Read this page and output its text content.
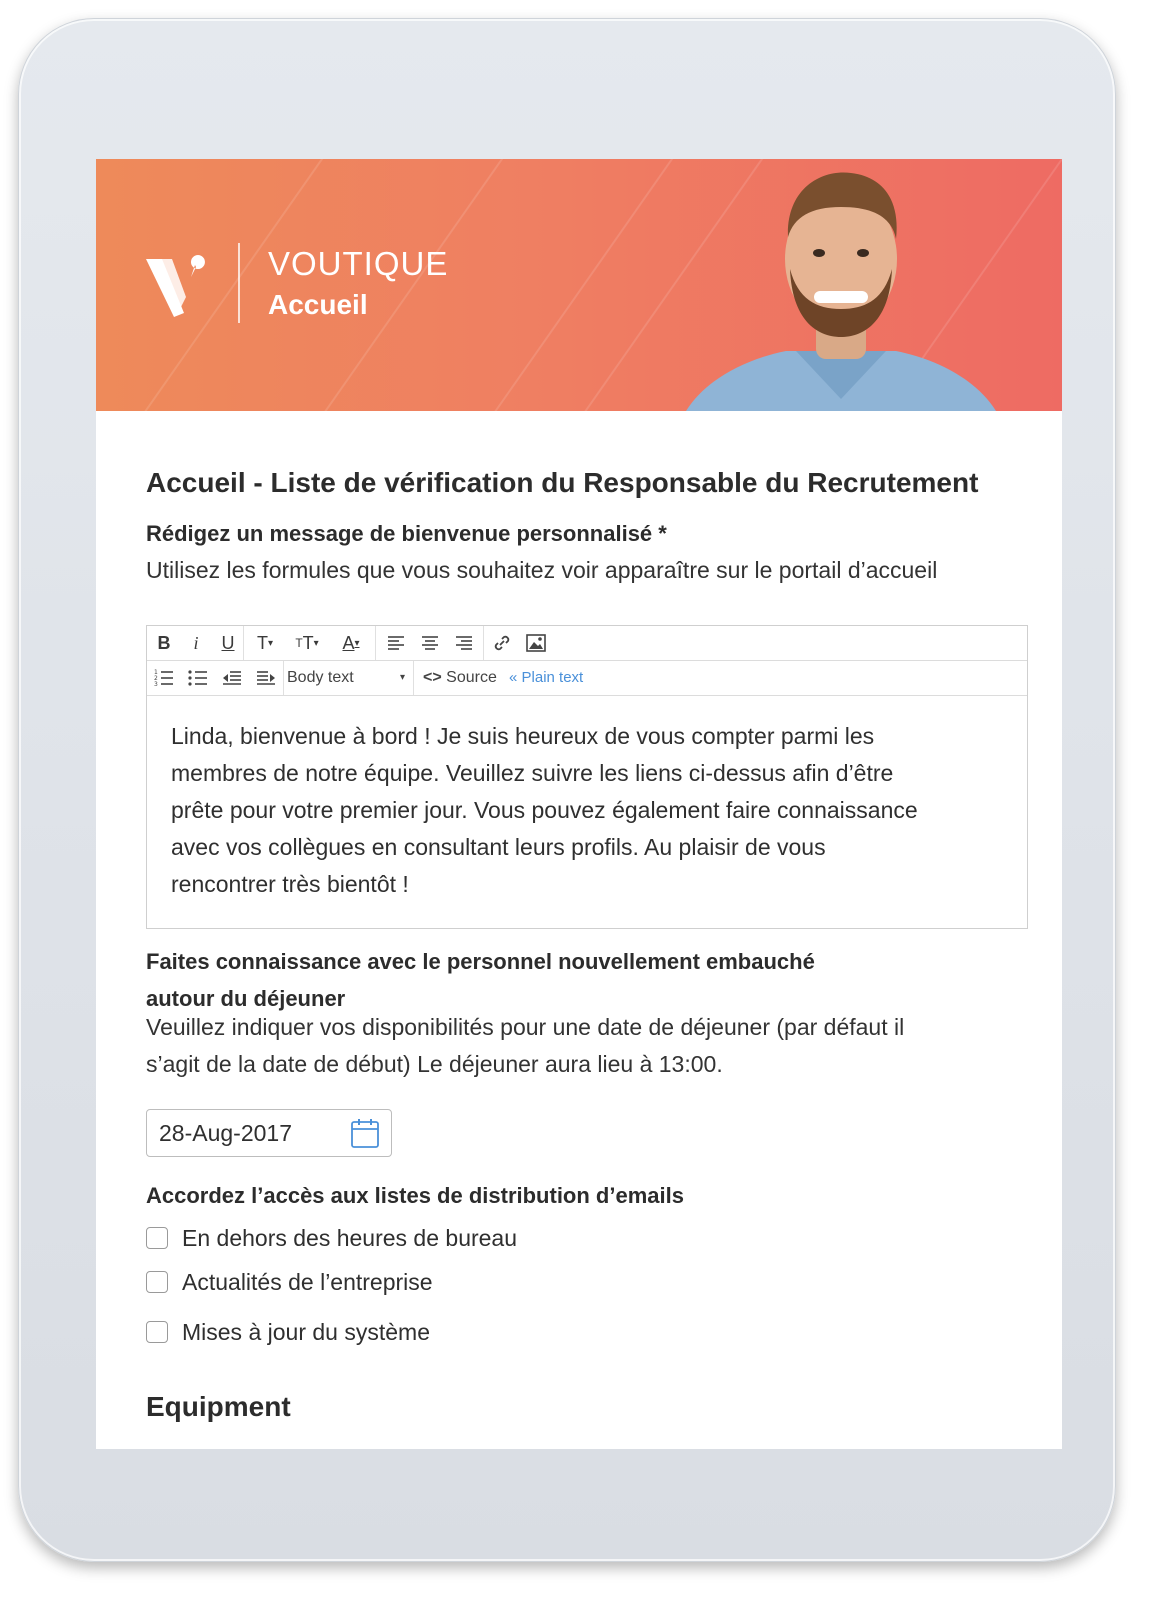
VOUTIQUE
Accueil
Accueil - Liste de vérification du Responsable du Recrutement
Rédigez un message de bienvenue personnalisé *
Utilisez les formules que vous souhaitez voir apparaître sur le portail d’accueil
B	i	U	T ▾ T T ▾	A ▾
1
2
3	Body text	▾ <> Source « Plain text
Linda, bienvenue à bord ! Je suis heureux de vous compter parmi les
membres de notre équipe. Veuillez suivre les liens ci-dessus afin d’être
prête pour votre premier jour. Vous pouvez également faire connaissance
avec vos collègues en consultant leurs profils. Au plaisir de vous
rencontrer très bientôt !
Faites connaissance avec le personnel nouvellement embauché
autour du déjeuner
Veuillez indiquer vos disponibilités pour une date de déjeuner (par défaut il
s’agit de la date de début) Le déjeuner aura lieu à 13:00.
28-Aug-2017
Accordez l’accès aux listes de distribution d’emails
En dehors des heures de bureau
Actualités de l’entreprise
Mises à jour du système
Equipment
